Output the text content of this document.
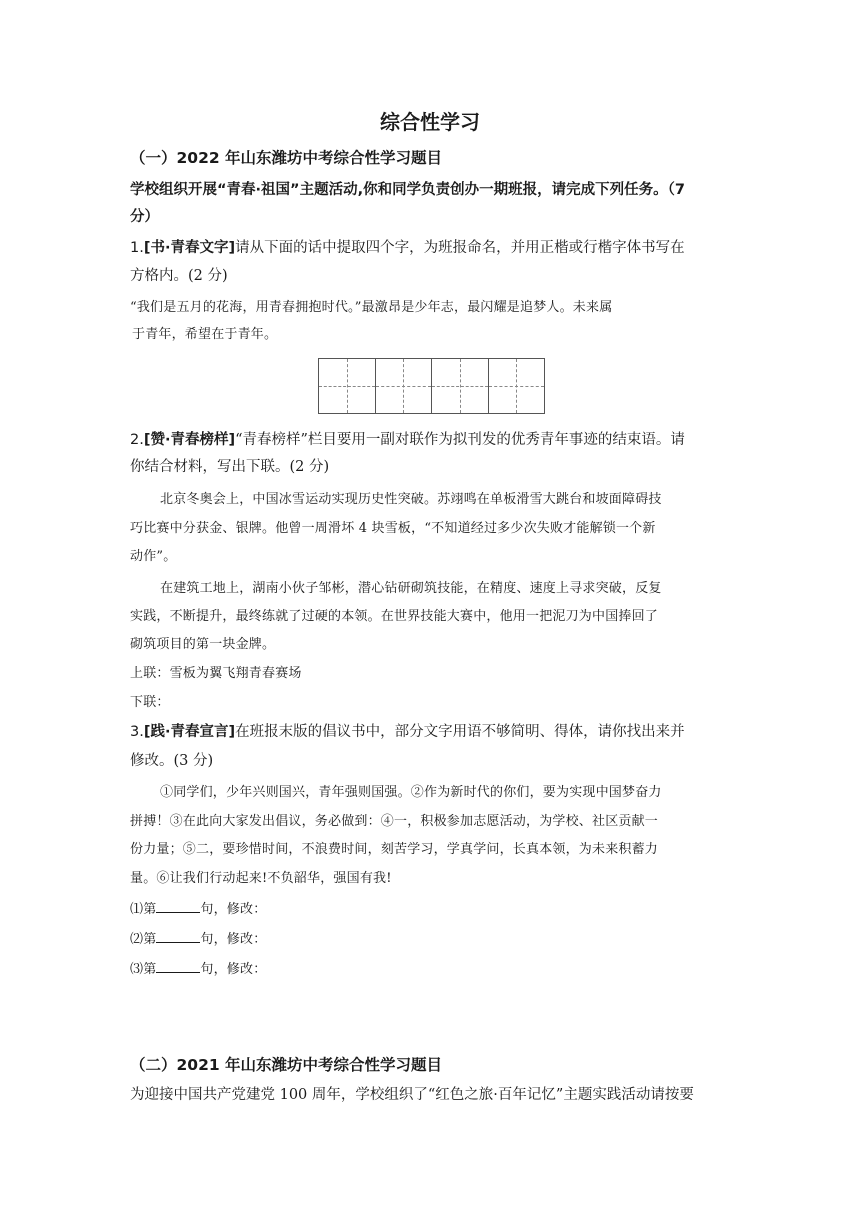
综合性学习
（一）2022 年山东潍坊中考综合性学习题目
学校组织开展“青春·祖国”主题活动,你和同学负责创办一期班报，请完成下列任务。（7
分）
1.[书·青春文字]请从下面的话中提取四个字，为班报命名，并用正楷或行楷字体书写在
方格内。(2 分)
“我们是五月的花海，用青春拥抱时代。”最激昂是少年志，最闪耀是追梦人。未来属
于青年，希望在于青年。
2.[赞·青春榜样]“青春榜样”栏目要用一副对联作为拟刊发的优秀青年事迹的结束语。请
你结合材料，写出下联。(2 分)
北京冬奥会上，中国冰雪运动实现历史性突破。苏翊鸣在单板滑雪大跳台和坡面障碍技
巧比赛中分获金、银牌。他曾一周滑坏 4 块雪板，“不知道经过多少次失败才能解锁一个新
动作”。
在建筑工地上，湖南小伙子邹彬，潜心钻研砌筑技能，在精度、速度上寻求突破，反复
实践，不断提升，最终练就了过硬的本领。在世界技能大赛中，他用一把泥刀为中国捧回了
砌筑项目的第一块金牌。
上联：雪板为翼飞翔青春赛场
下联：
3.[践·青春宣言]在班报末版的倡议书中，部分文字用语不够简明、得体，请你找出来并
修改。(3 分)
①同学们，少年兴则国兴，青年强则国强。②作为新时代的你们，要为实现中国梦奋力
拼搏！③在此向大家发出倡议，务必做到：④一，积极参加志愿活动，为学校、社区贡献一
份力量；⑤二，要珍惜时间，不浪费时间，刻苦学习，学真学问，长真本领，为未来积蓄力
量。⑥让我们行动起来!不负韶华，强国有我!
⑴第	句，修改：
⑵第	句，修改：
⑶第	句，修改：
（二）2021 年山东潍坊中考综合性学习题目
为迎接中国共产党建党 100 周年，学校组织了“红色之旅·百年记忆”主题实践活动请按要
